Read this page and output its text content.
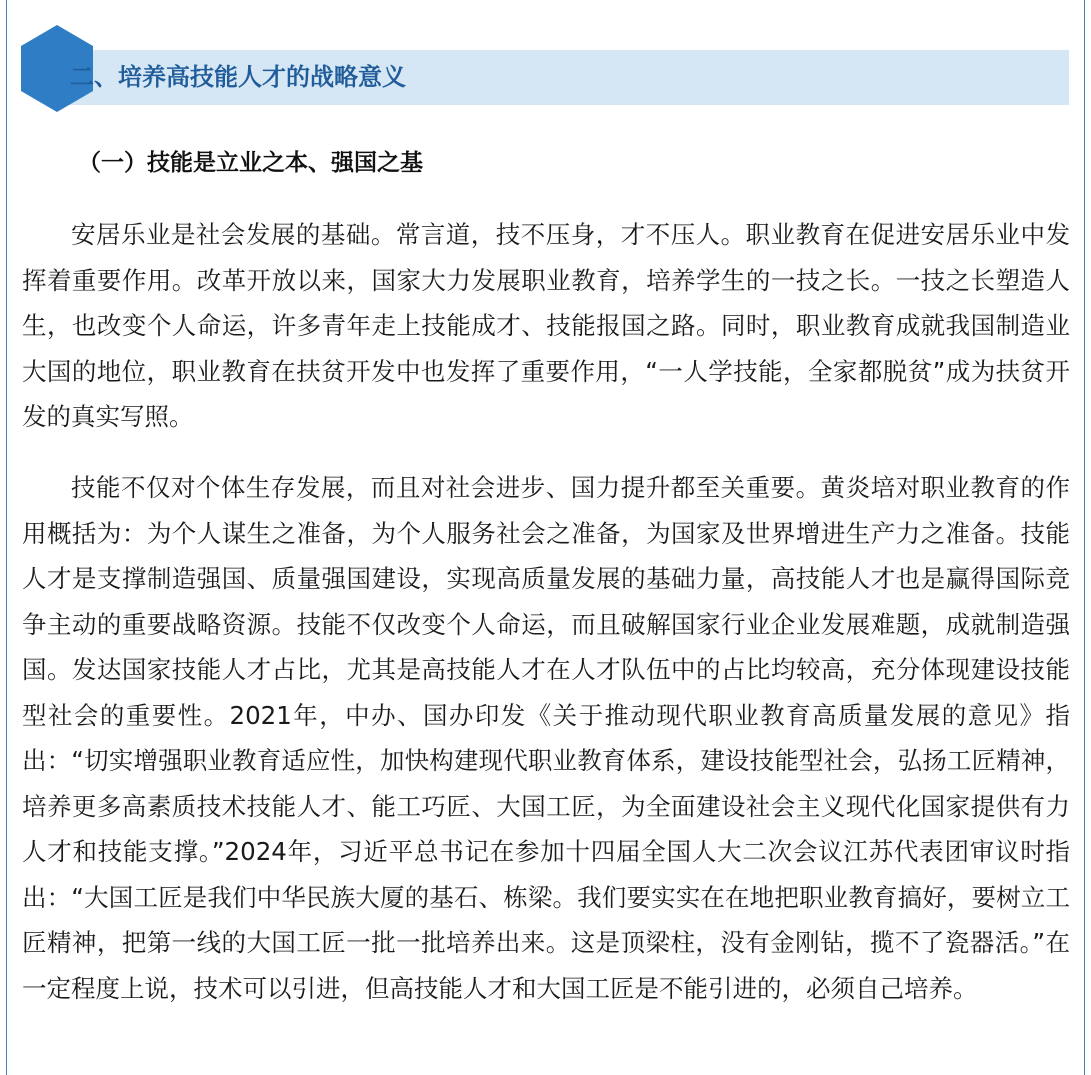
二、培养高技能人才的战略意义
（一）技能是立业之本、强国之基

安居乐业是社会发展的基础。常言道，技不压身，才不压人。职业教育在促进安居乐业中发挥着重要作用。改革开放以来，国家大力发展职业教育，培养学生的一技之长。一技之长塑造人生，也改变个人命运，许多青年走上技能成才、技能报国之路。同时，职业教育成就我国制造业大国的地位，职业教育在扶贫开发中也发挥了重要作用，“一人学技能，全家都脱贫”成为扶贫开发的真实写照。

技能不仅对个体生存发展，而且对社会进步、国力提升都至关重要。黄炎培对职业教育的作用概括为：为个人谋生之准备，为个人服务社会之准备，为国家及世界增进生产力之准备。技能人才是支撑制造强国、质量强国建设，实现高质量发展的基础力量，高技能人才也是赢得国际竞争主动的重要战略资源。技能不仅改变个人命运，而且破解国家行业企业发展难题，成就制造强国。发达国家技能人才占比，尤其是高技能人才在人才队伍中的占比均较高，充分体现建设技能型社会的重要性。2021年，中办、国办印发《关于推动现代职业教育高质量发展的意见》指出：“切实增强职业教育适应性，加快构建现代职业教育体系，建设技能型社会，弘扬工匠精神，培养更多高素质技术技能人才、能工巧匠、大国工匠，为全面建设社会主义现代化国家提供有力人才和技能支撑。”2024年，习近平总书记在参加十四届全国人大二次会议江苏代表团审议时指出：“大国工匠是我们中华民族大厦的基石、栋梁。我们要实实在在地把职业教育搞好，要树立工匠精神，把第一线的大国工匠一批一批培养出来。这是顶梁柱，没有金刚钻，揽不了瓷器活。”在一定程度上说，技术可以引进，但高技能人才和大国工匠是不能引进的，必须自己培养。
